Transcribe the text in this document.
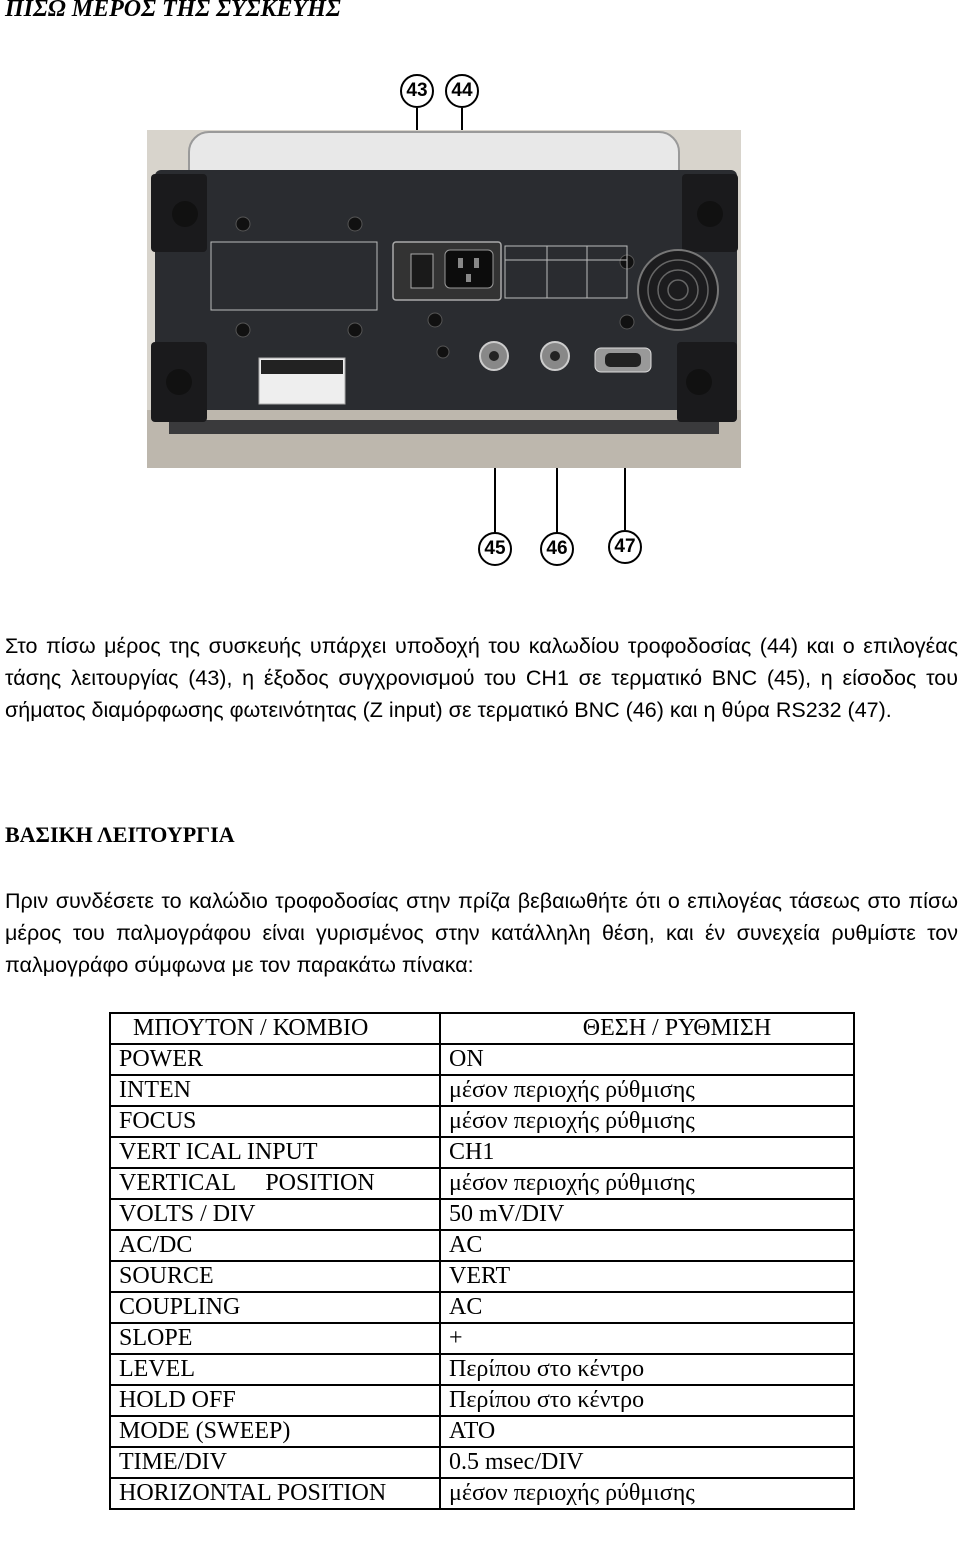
ΠΙΣΩ ΜΕΡΟΣ ΤΗΣ ΣΥΣΚΕΥΗΣ
43	44
45	46	47

Στο πίσω μέρος της συσκευής υπάρχει υποδοχή του καλωδίου τροφοδοσίας (44) και ο επιλογέας τάσης λειτουργίας (43), η έξοδος συγχρονισμού του CH1 σε τερματικό BNC (45), η είσοδος του σήματος διαμόρφωσης φωτεινότητας (Z input) σε τερματικό BNC (46) και η θύρα RS232 (47).

ΒΑΣΙΚΗ ΛΕΙΤΟΥΡΓΙΑ

Πριν συνδέσετε το καλώδιο τροφοδοσίας στην πρίζα βεβαιωθήτε ότι ο επιλογέας τάσεως στο πίσω μέρος του παλμογράφου είναι γυρισμένος στην κατάλληλη θέση, και έν συνεχεία ρυθμίστε τον παλμογράφο σύμφωνα με τον παρακάτω πίνακα:

ΜΠΟΥΤΟΝ / ΚΟΜΒΙΟ	ΘΕΣΗ / ΡΥΘΜΙΣΗ
POWER	ON
INTEN	μέσον περιοχής ρύθμισης
FOCUS	μέσον περιοχής ρύθμισης
VERT ICAL INPUT	CH1
VERTICAL     POSITION	μέσον περιοχής ρύθμισης
VOLTS / DIV	50 mV/DIV
AC/DC	AC
SOURCE	VERT
COUPLING	AC
SLOPE	+
LEVEL	Περίπου στο κέντρο
HOLD OFF	Περίπου στο κέντρο
MODE (SWEEP)	ΑΤΟ
TIME/DIV	0.5 msec/DIV
HORIZONTAL POSITION	μέσον περιοχής ρύθμισης
